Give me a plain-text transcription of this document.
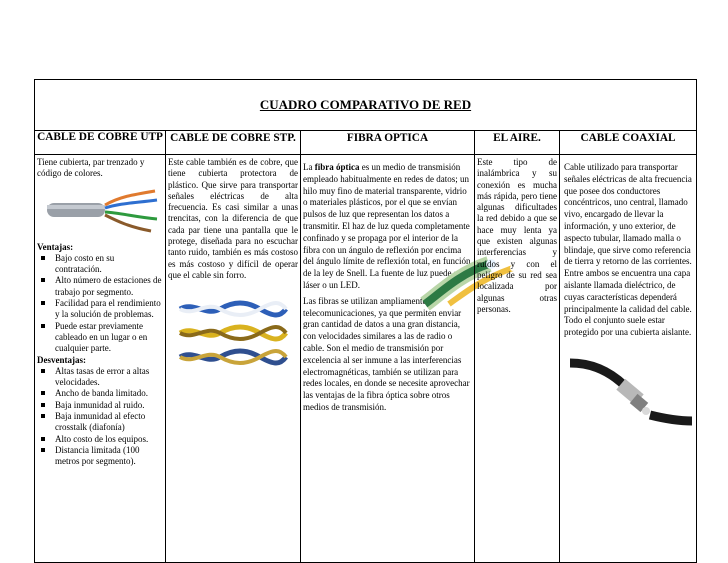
CUADRO COMPARATIVO DE RED
CABLE DE COBRE UTP
Tiene cubierta, par trenzado y código de colores.
Ventajas:
Bajo costo en su contratación.
Alto número de estaciones de trabajo por segmento.
Facilidad para el rendimiento y la solución de problemas.
Puede estar previamente cableado en un lugar o en cualquier parte.
Desventajas:
Altas tasas de error a altas velocidades.
Ancho de banda limitado.
Baja inmunidad al ruido.
Baja inmunidad al efecto crosstalk (diafonía)
Alto costo de los equipos.
Distancia limitada (100 metros por segmento).
CABLE DE COBRE STP.
Este cable también es de cobre, que tiene cubierta protectora de plástico. Que sirve para transportar señales eléctricas de alta frecuencia. Es casi similar a unas trencitas, con la diferencia de que cada par tiene una pantalla que le protege, diseñada para no escuchar tanto ruido, también es más costoso es más costoso y difícil de operar que el cable sin forro.
FIBRA OPTICA
La fibra óptica es un medio de transmisión empleado habitualmente en redes de datos; un hilo muy fino de material transparente, vidrio o materiales plásticos, por el que se envían pulsos de luz que representan los datos a transmitir. El haz de luz queda completamente confinado y se propaga por el interior de la fibra con un ángulo de reflexión por encima del ángulo límite de reflexión total, en función de la ley de Snell. La fuente de luz puede ser láser o un LED.
Las fibras se utilizan ampliamente en telecomunicaciones, ya que permiten enviar gran cantidad de datos a una gran distancia, con velocidades similares a las de radio o cable. Son el medio de transmisión por excelencia al ser inmune a las interferencias electromagnéticas, también se utilizan para redes locales, en donde se necesite aprovechar las ventajas de la fibra óptica sobre otros medios de transmisión.
EL AIRE.
Este tipo de inalámbrica y su conexión es mucha más rápida, pero tiene algunas dificultades la red debido a que se hace muy lenta ya que existen algunas interferencias y ruidos y con el peligro de su red sea localizada por algunas otras personas.
CABLE COAXIAL
Cable utilizado para transportar señales eléctricas de alta frecuencia que posee dos conductores concéntricos, uno central, llamado vivo, encargado de llevar la información, y uno exterior, de aspecto tubular, llamado malla o blindaje, que sirve como referencia de tierra y retorno de las corrientes. Entre ambos se encuentra una capa aislante llamada dieléctrico, de cuyas características dependerá principalmente la calidad del cable. Todo el conjunto suele estar protegido por una cubierta aislante.
